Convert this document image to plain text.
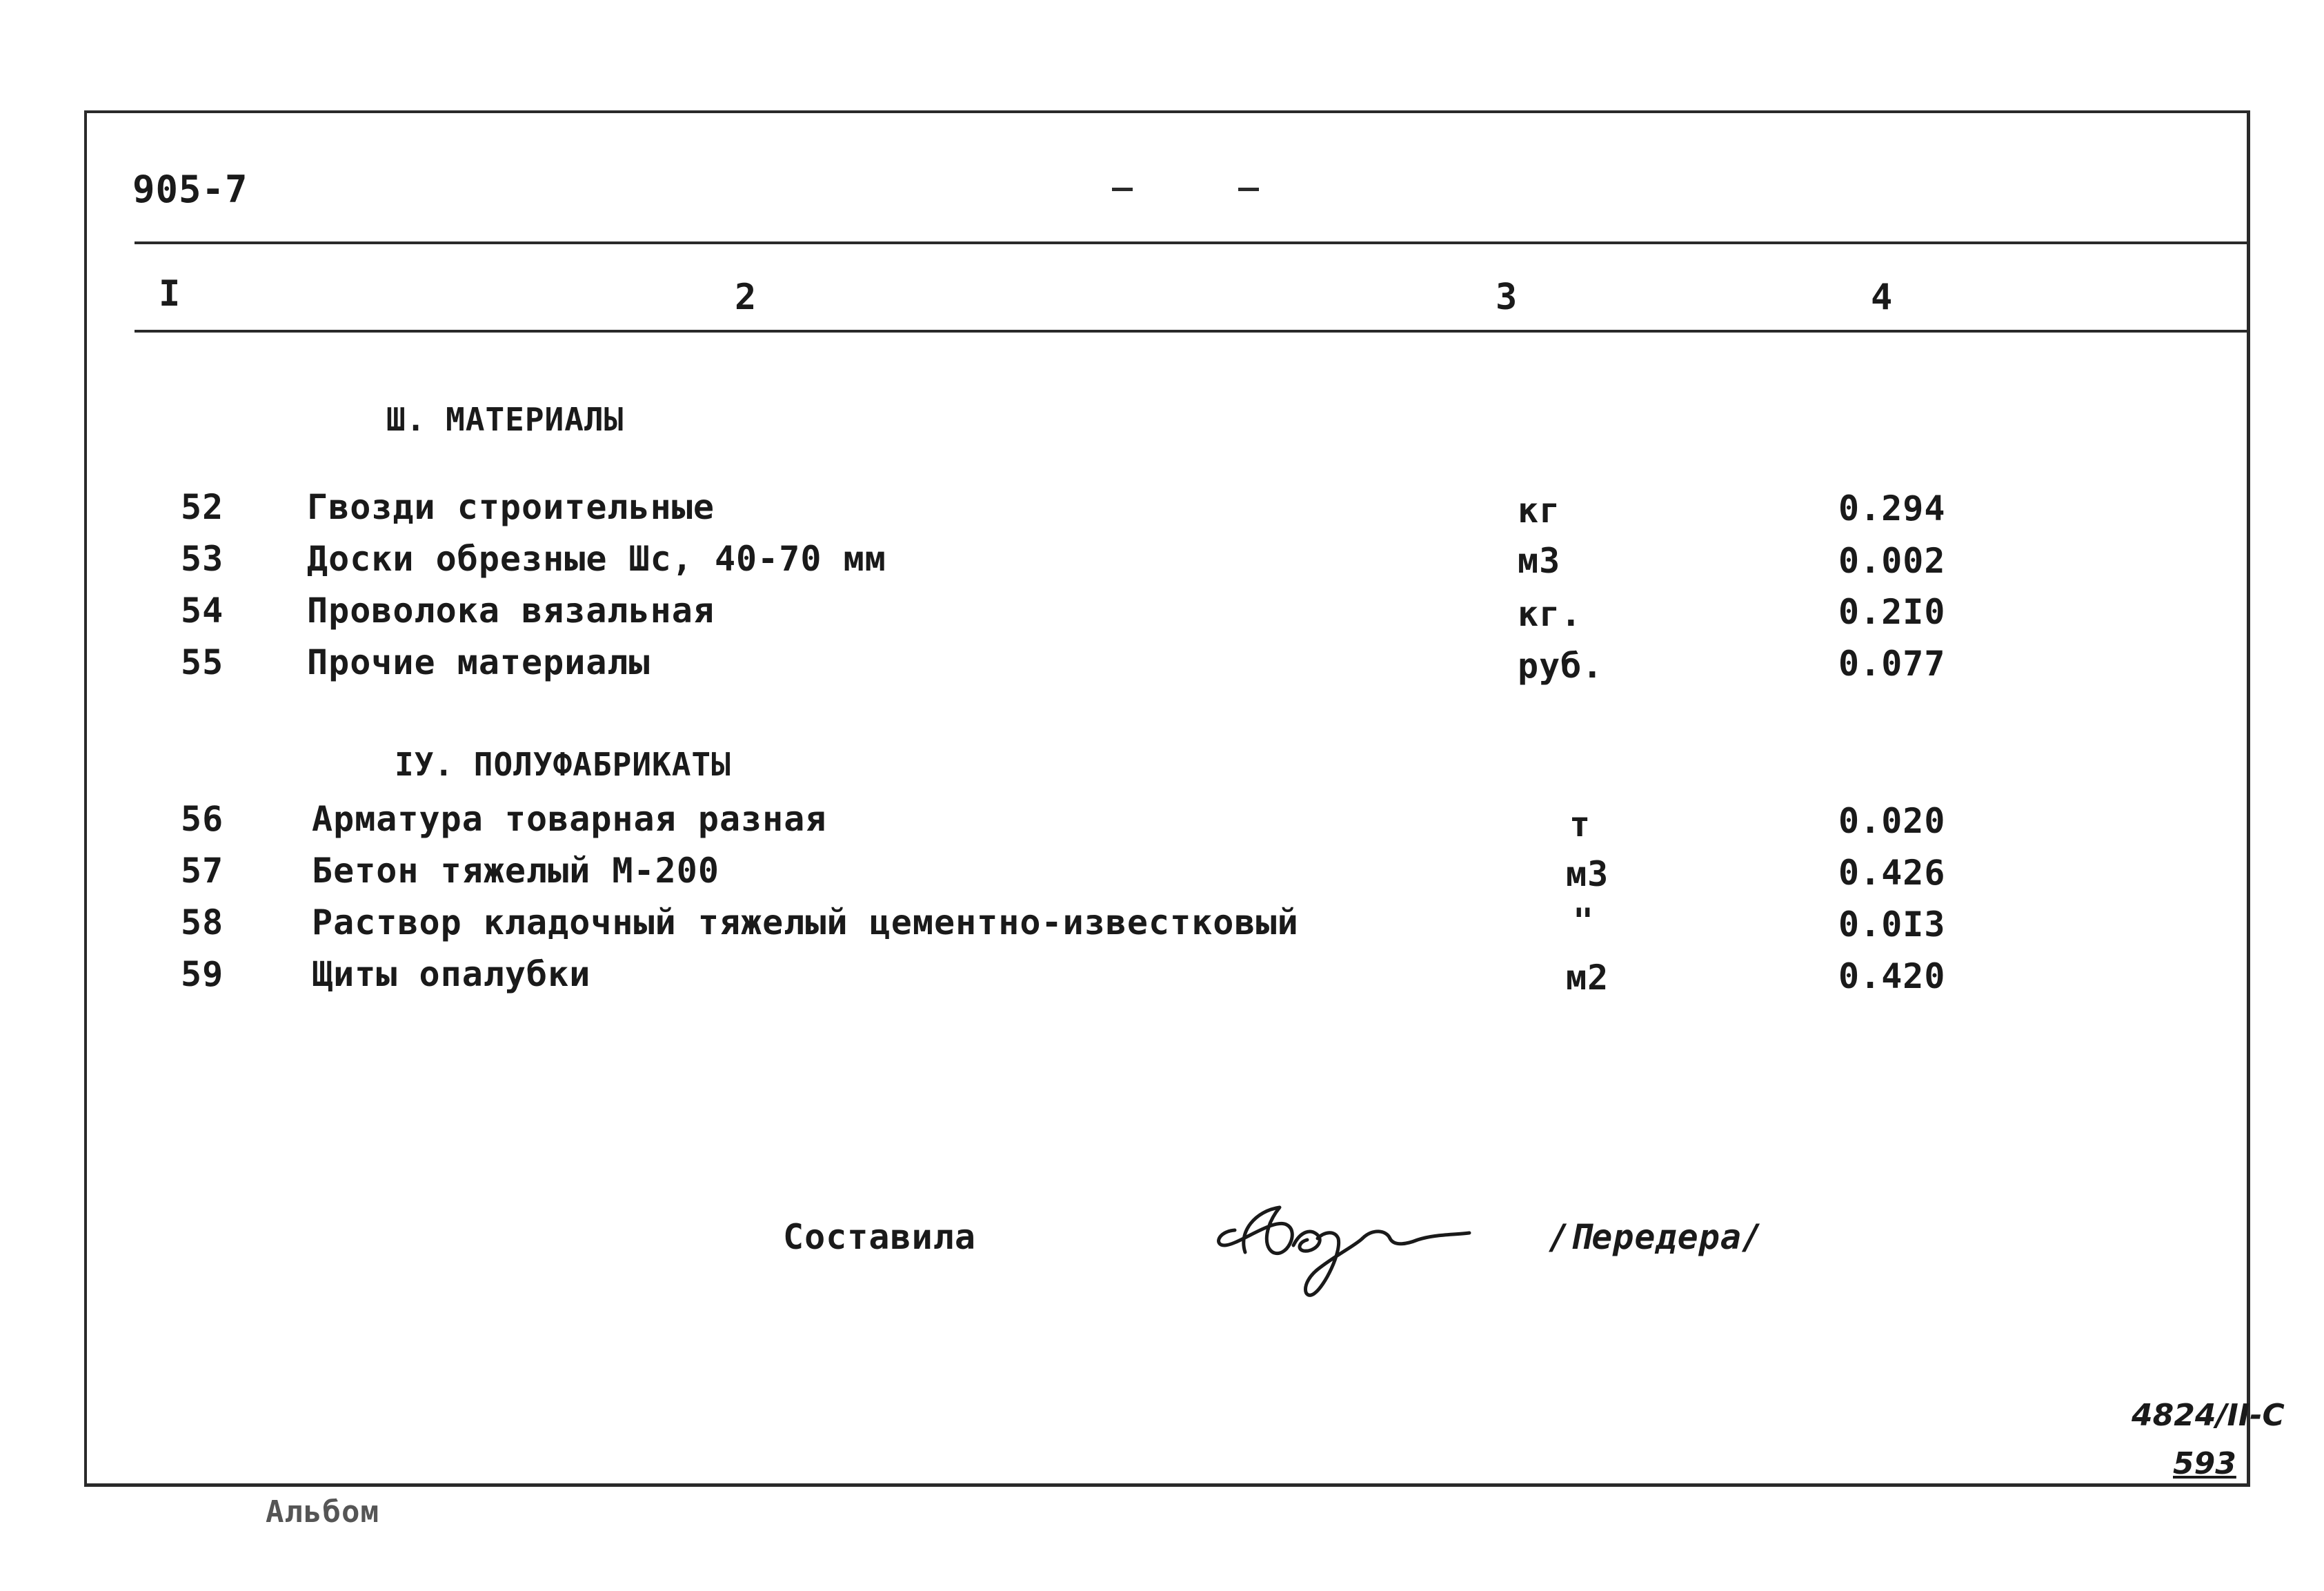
905-7
I	2	3	4
Ш. МАТЕРИАЛЫ
52 Гвозди строительные	кг	0.294
53 Доски обрезные Шс, 40-70 мм	м3	0.002
54 Проволока вязальная	кг.	0.2I0
55 Прочие материалы	руб.	0.077
IУ. ПОЛУФАБРИКАТЫ
56	Арматура товарная разная	т	0.020
57	Бетон тяжелый М-200	м3	0.426
58	Раствор кладочный тяжелый цементно-известковый	"	0.0I3
59	Щиты опалубки	м2	0.420
Составила	/Передера/
4824/II-С
593
Альбом
